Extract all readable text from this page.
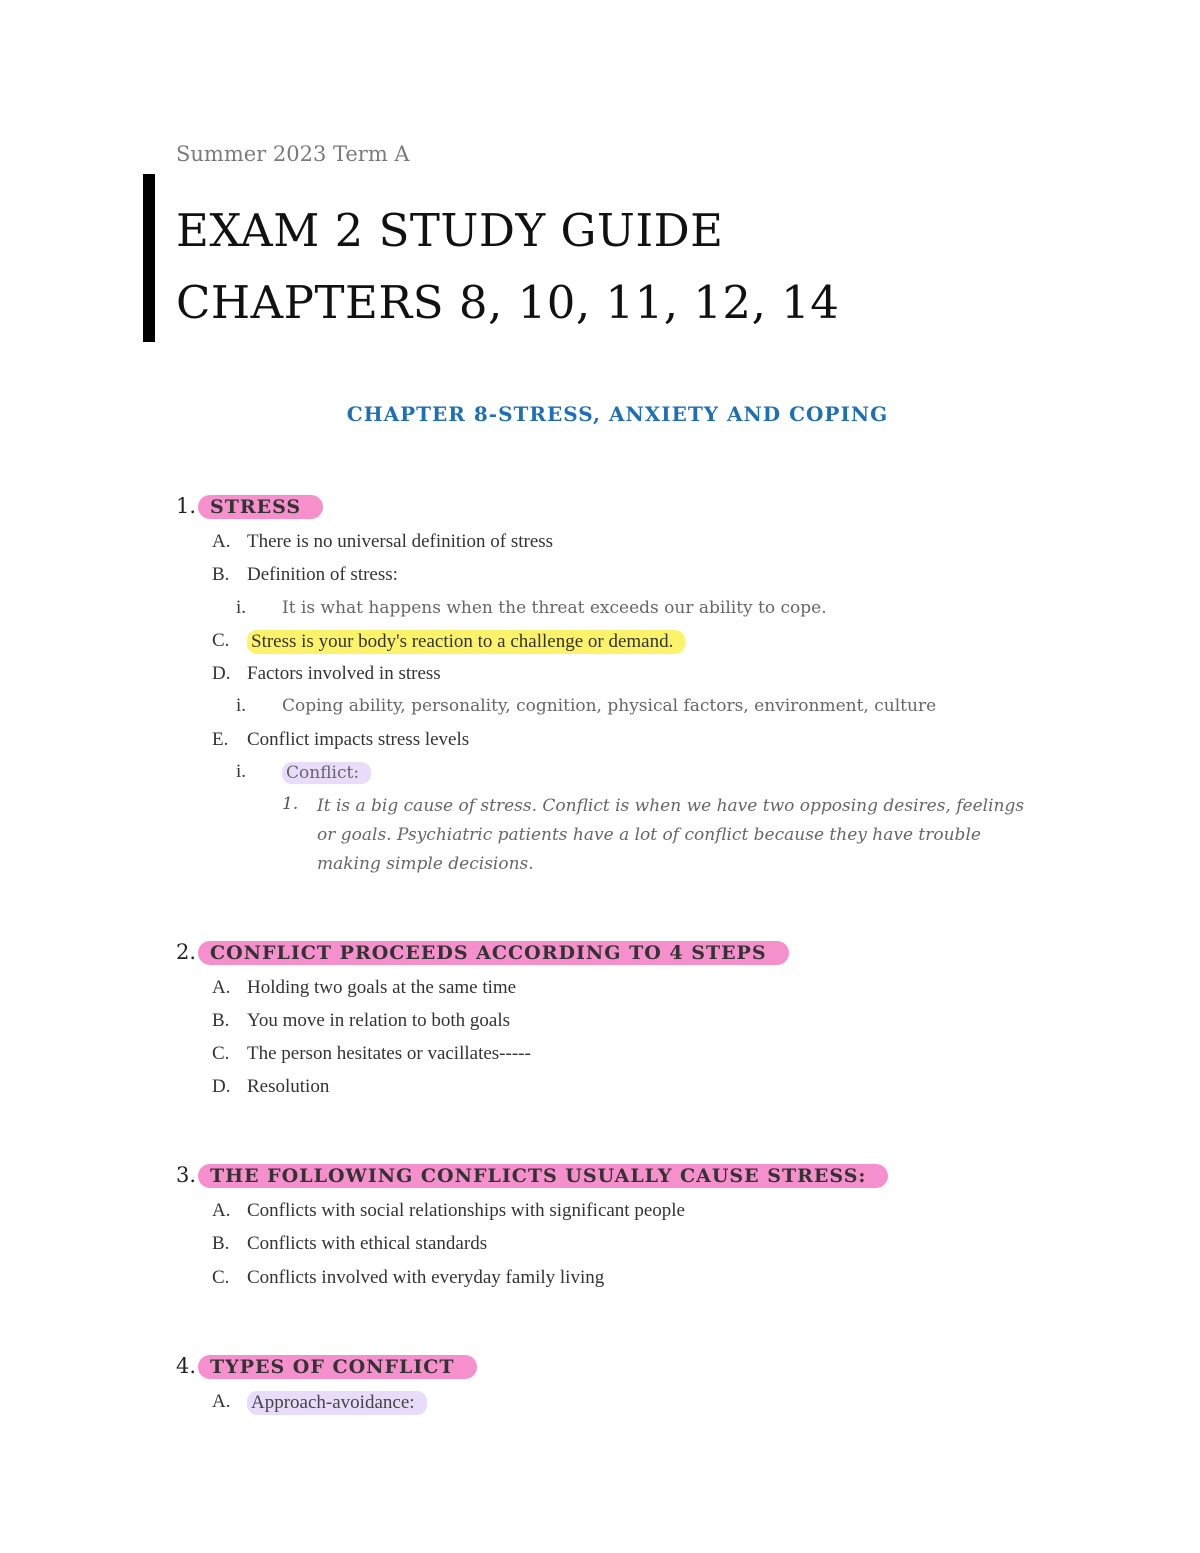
Summer 2023 Term A
EXAM 2 STUDY GUIDE
CHAPTERS 8, 10, 11, 12, 14
CHAPTER 8-STRESS, ANXIETY AND COPING
1. STRESS
A. There is no universal definition of stress
B. Definition of stress:
i. It is what happens when the threat exceeds our ability to cope.
C. Stress is your body's reaction to a challenge or demand.
D. Factors involved in stress
i. Coping ability, personality, cognition, physical factors, environment, culture
E. Conflict impacts stress levels
i. Conflict:
1. It is a big cause of stress. Conflict is when we have two opposing desires, feelings or goals. Psychiatric patients have a lot of conflict because they have trouble making simple decisions.
2. CONFLICT PROCEEDS ACCORDING TO 4 STEPS
A. Holding two goals at the same time
B. You move in relation to both goals
C. The person hesitates or vacillates-----
D. Resolution
3. THE FOLLOWING CONFLICTS USUALLY CAUSE STRESS:
A. Conflicts with social relationships with significant people
B. Conflicts with ethical standards
C. Conflicts involved with everyday family living
4. TYPES OF CONFLICT
A. Approach-avoidance:
